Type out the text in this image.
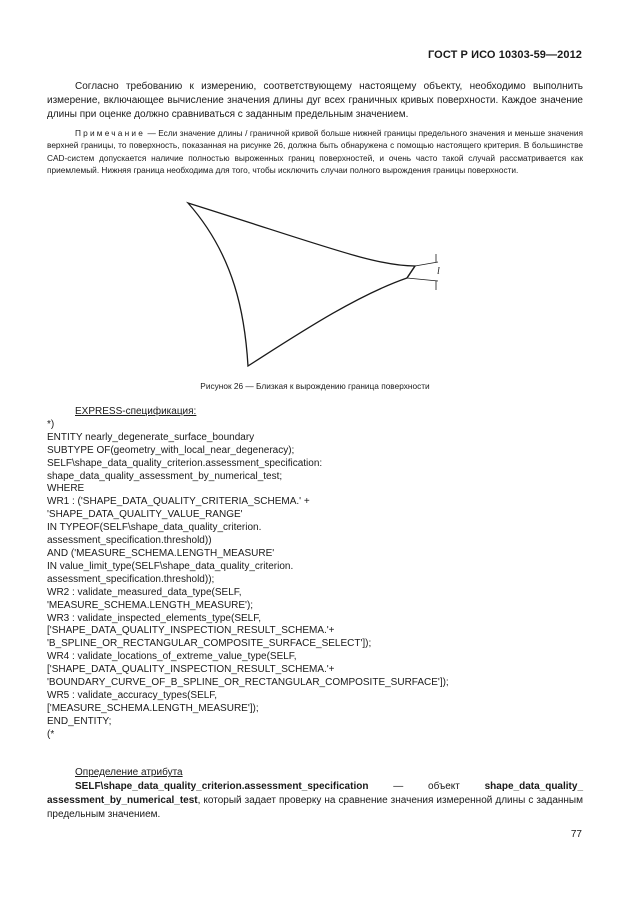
ГОСТ Р ИСО 10303-59—2012
Согласно требованию к измерению, соответствующему настоящему объекту, необходимо выполнить измерение, включающее вычисление значения длины дуг всех граничных кривых поверхности. Каждое значение длины при оценке должно сравниваться с заданным предельным значением.
Примечание — Если значение длины / граничной кривой больше нижней границы предельного значения и меньше значения верхней границы, то поверхность, показанная на рисунке 26, должна быть обнаружена с помощью настоящего критерия. В большинстве CAD-систем допускается наличие полностью выроженных границ поверхностей, и очень часто такой случай рассматривается как приемлемый. Нижняя граница необходима для того, чтобы исключить случаи полного вырождения границы поверхности.
l
Рисунок 26 — Близкая к вырождению граница поверхности
EXPRESS-спецификация:
*)
ENTITY nearly_degenerate_surface_boundary
SUBTYPE OF(geometry_with_local_near_degeneracy);
SELF\shape_data_quality_criterion.assessment_specification:
shape_data_quality_assessment_by_numerical_test;
WHERE
WR1 : ('SHAPE_DATA_QUALITY_CRITERIA_SCHEMA.' +
'SHAPE_DATA_QUALITY_VALUE_RANGE'
IN TYPEOF(SELF\shape_data_quality_criterion.
assessment_specification.threshold))
AND ('MEASURE_SCHEMA.LENGTH_MEASURE'
IN value_limit_type(SELF\shape_data_quality_criterion.
assessment_specification.threshold));
WR2 : validate_measured_data_type(SELF,
'MEASURE_SCHEMA.LENGTH_MEASURE');
WR3 : validate_inspected_elements_type(SELF,
['SHAPE_DATA_QUALITY_INSPECTION_RESULT_SCHEMA.'+
'B_SPLINE_OR_RECTANGULAR_COMPOSITE_SURFACE_SELECT']);
WR4 : validate_locations_of_extreme_value_type(SELF,
['SHAPE_DATA_QUALITY_INSPECTION_RESULT_SCHEMA.'+
'BOUNDARY_CURVE_OF_B_SPLINE_OR_RECTANGULAR_COMPOSITE_SURFACE']);
WR5 : validate_accuracy_types(SELF,
['MEASURE_SCHEMA.LENGTH_MEASURE']);
END_ENTITY;
(*
Определение атрибута
SELF\shape_data_quality_criterion.assessment_specification — объект shape_data_quality_ assessment_by_numerical_test, который задает проверку на сравнение значения измеренной длины с заданным предельным значением.
77
